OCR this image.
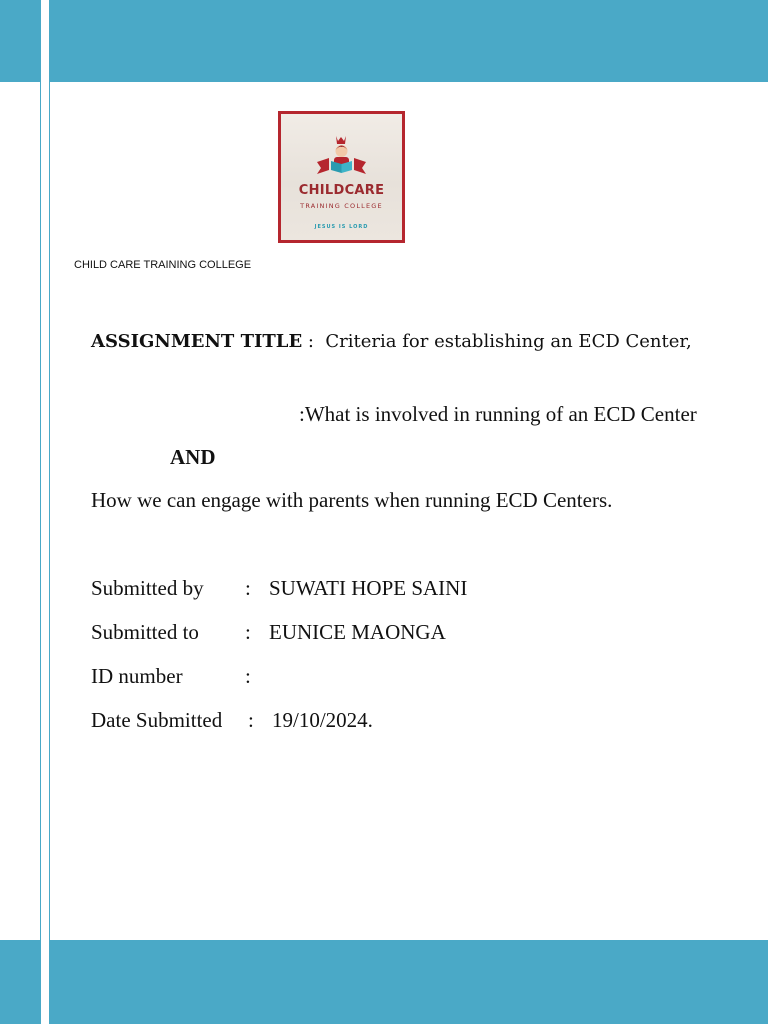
CHILDCARE
TRAINING COLLEGE
JESUS IS LORD
CHILD CARE TRAINING COLLEGE
ASSIGNMENT TITLE :  Criteria for establishing an ECD Center,
:What is involved in running of an ECD Center
AND
How we can engage with parents when running ECD Centers.
Submitted by : SUWATI HOPE SAINI
Submitted to : EUNICE MAONGA
ID number	:
Date Submitted : 19/10/2024.
